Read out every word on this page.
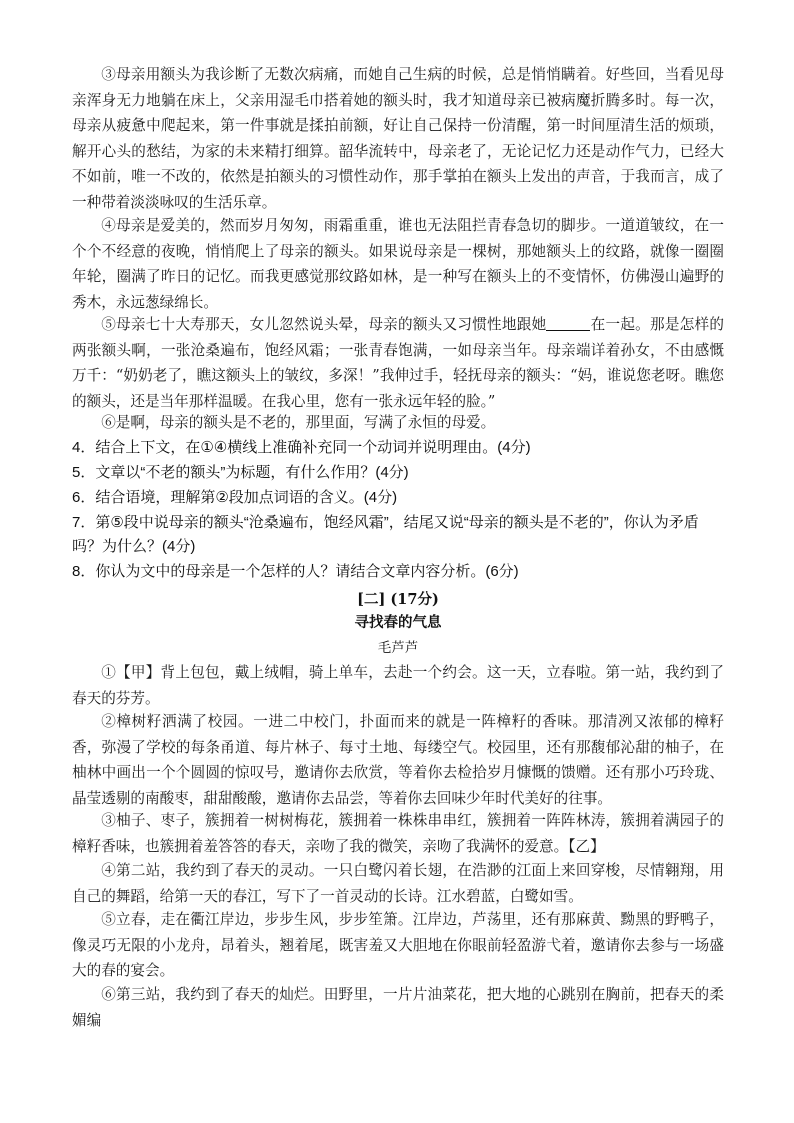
③母亲用额头为我诊断了无数次病痛，而她自己生病的时候，总是悄悄瞒着。好些回，当看见母亲浑身无力地躺在床上，父亲用湿毛巾搭着她的额头时，我才知道母亲已被病魔折腾多时。每一次，母亲从疲惫中爬起来，第一件事就是揉拍前额，好让自己保持一份清醒，第一时间厘清生活的烦琐，解开心头的愁结，为家的未来精打细算。韶华流转中，母亲老了，无论记忆力还是动作气力，已经大不如前，唯一不改的，依然是拍额头的习惯性动作，那手掌拍在额头上发出的声音，于我而言，成了一种带着淡淡咏叹的生活乐章。

④母亲是爱美的，然而岁月匆匆，雨霜重重，谁也无法阻拦青春急切的脚步。一道道皱纹，在一个个不经意的夜晚，悄悄爬上了母亲的额头。如果说母亲是一棵树，那她额头上的纹路，就像一圈圈年轮，圈满了昨日的记忆。而我更感觉那纹路如林，是一种写在额头上的不变情怀，仿佛漫山遍野的秀木，永远葱绿绵长。

⑤母亲七十大寿那天，女儿忽然说头晕，母亲的额头又习惯性地跟她	在一起。那是怎样的两张额头啊，一张沧桑遍布，饱经风霜；一张青春饱满，一如母亲当年。母亲端详着孙女，不由感慨万千：“奶奶老了，瞧这额头上的皱纹，多深！”我伸过手，轻抚母亲的额头：“妈，谁说您老呀。瞧您的额头，还是当年那样温暖。在我心里，您有一张永远年轻的脸。”

⑥是啊，母亲的额头是不老的，那里面，写满了永恒的母爱。

4．结合上下文，在①④横线上准确补充同一个动词并说明理由。(4分)

5．文章以“不老的额头”为标题，有什么作用？(4分)

6．结合语境，理解第②段加点词语的含义。(4分)

7．第⑤段中说母亲的额头“沧桑遍布，饱经风霜”，结尾又说“母亲的额头是不老的”，你认为矛盾吗？为什么？(4分)

8．你认为文中的母亲是一个怎样的人？请结合文章内容分析。(6分)

[二] (17分)

寻找春的气息

毛芦芦

①【甲】背上包包，戴上绒帽，骑上单车，去赴一个约会。这一天，立春啦。第一站，我约到了春天的芬芳。

②樟树籽洒满了校园。一进二中校门，扑面而来的就是一阵樟籽的香味。那清冽又浓郁的樟籽香，弥漫了学校的每条甬道、每片林子、每寸土地、每缕空气。校园里，还有那馥郁沁甜的柚子，在柚林中画出一个个圆圆的惊叹号，邀请你去欣赏，等着你去检拾岁月慷慨的馈赠。还有那小巧玲珑、晶莹透剔的南酸枣，甜甜酸酸，邀请你去品尝，等着你去回味少年时代美好的往事。

③柚子、枣子，簇拥着一树树梅花，簇拥着一株株串串红，簇拥着一阵阵林涛，簇拥着满园子的樟籽香味，也簇拥着羞答答的春天，亲吻了我的微笑，亲吻了我满怀的爱意。【乙】

④第二站，我约到了春天的灵动。一只白鹭闪着长翅，在浩渺的江面上来回穿梭，尽情翱翔，用自己的舞蹈，给第一天的春江，写下了一首灵动的长诗。江水碧蓝，白鹭如雪。

⑤立春，走在衢江岸边，步步生风，步步笙箫。江岸边，芦荡里，还有那麻黄、黝黑的野鸭子，像灵巧无限的小龙舟，昂着头，翘着尾，既害羞又大胆地在你眼前轻盈游弋着，邀请你去参与一场盛大的春的宴会。

⑥第三站，我约到了春天的灿烂。田野里，一片片油菜花，把大地的心跳别在胸前，把春天的柔媚编
